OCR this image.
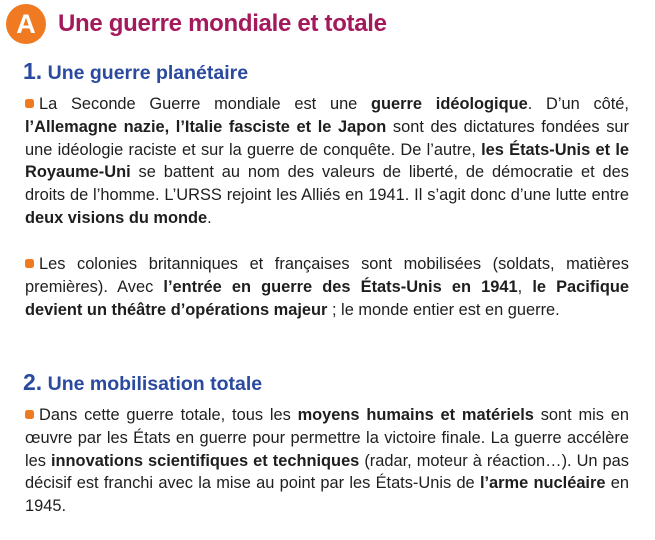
A Une guerre mondiale et totale
1. Une guerre planétaire
La Seconde Guerre mondiale est une guerre idéologique. D’un côté, l’Allemagne nazie, l’Italie fasciste et le Japon sont des dictatures fondées sur une idéologie raciste et sur la guerre de conquête. De l’autre, les États-Unis et le Royaume-Uni se battent au nom des valeurs de liberté, de démocratie et des droits de l’homme. L’URSS rejoint les Alliés en 1941. Il s’agit donc d’une lutte entre deux visions du monde.
Les colonies britanniques et françaises sont mobilisées (soldats, matières premières). Avec l’entrée en guerre des États-Unis en 1941, le Pacifique devient un théâtre d’opérations majeur ; le monde entier est en guerre.
2. Une mobilisation totale
Dans cette guerre totale, tous les moyens humains et matériels sont mis en œuvre par les États en guerre pour permettre la victoire finale. La guerre accélère les innovations scientifiques et techniques (radar, moteur à réaction…). Un pas décisif est franchi avec la mise au point par les États-Unis de l’arme nucléaire en 1945.
